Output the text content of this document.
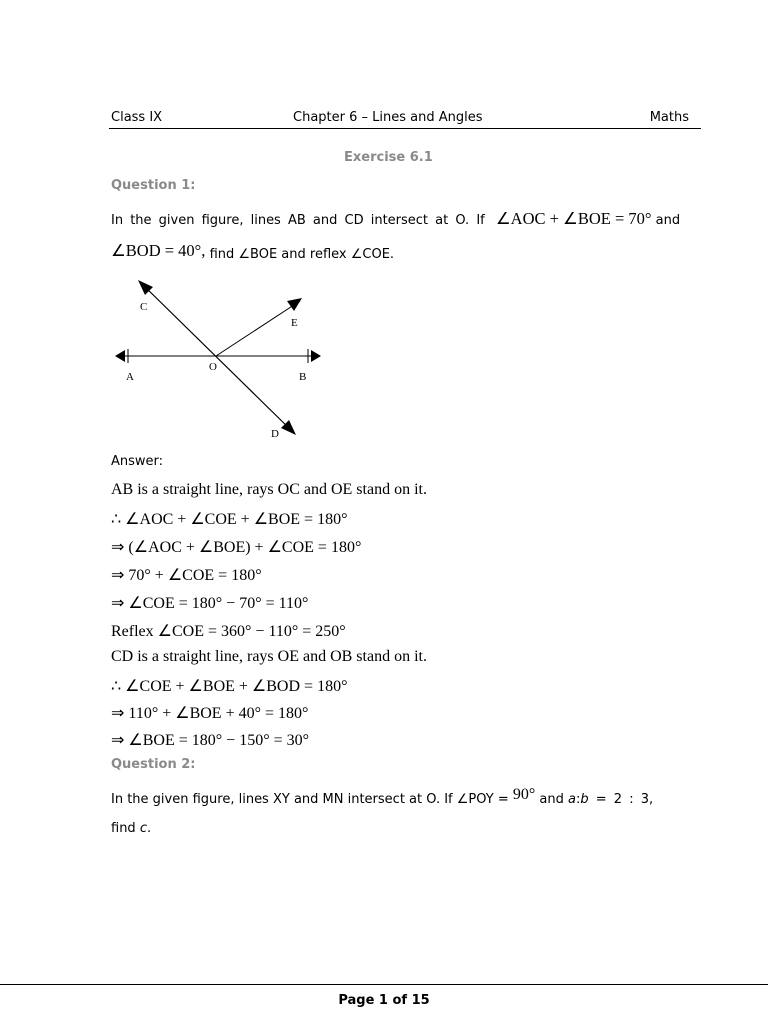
Class IX	Chapter 6 – Lines and Angles	Maths
Exercise 6.1
Question 1:
In the given figure, lines AB and CD intersect at O. If ∠AOC + ∠BOE = 70° and
∠BOD = 40°, find ∠BOE and reflex ∠COE.
C
E
O
A	B
D
Answer:
AB is a straight line, rays OC and OE stand on it.
∴ ∠AOC + ∠COE + ∠BOE = 180°
⇒ (∠AOC + ∠BOE) + ∠COE = 180°
⇒ 70° + ∠COE = 180°
⇒ ∠COE = 180° − 70° = 110°
Reflex ∠COE = 360° − 110° = 250°
CD is a straight line, rays OE and OB stand on it.
∴ ∠COE + ∠BOE + ∠BOD = 180°
⇒ 110° + ∠BOE + 40° = 180°
⇒ ∠BOE = 180° − 150° = 30°
Question 2:
In the given figure, lines XY and MN intersect at O. If ∠POY = 90° and a:b = 2 : 3,
find c.
Page 1 of 15
